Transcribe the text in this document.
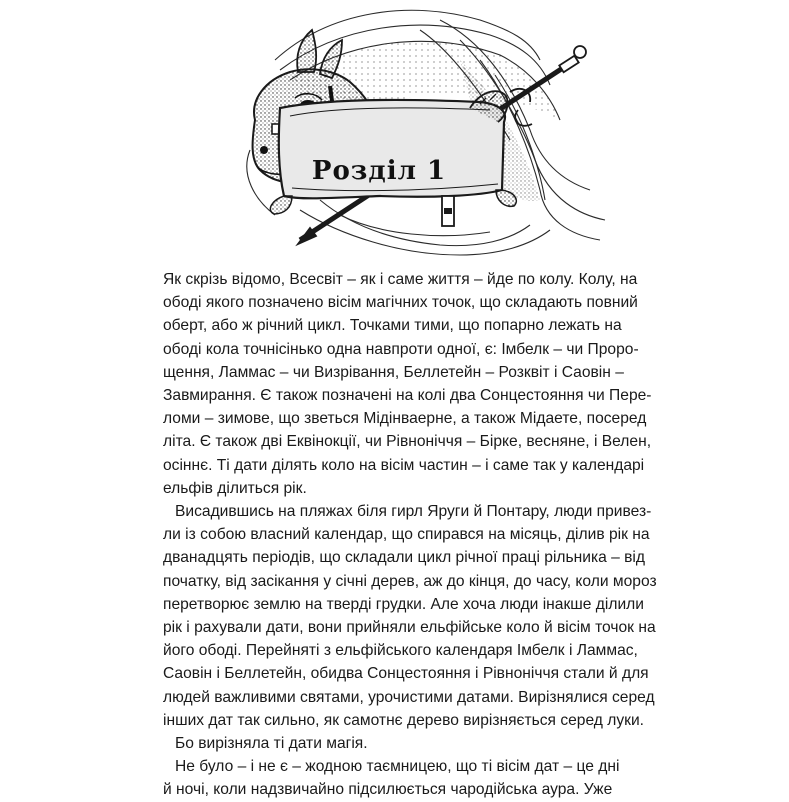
Розділ 1
Як скрізь відомо, Всесвіт – як і саме життя – йде по колу. Колу, на
ободі якого позначено вісім магічних точок, що складають повний
оберт, або ж річний цикл. Точками тими, що попарно лежать на
ободі кола точнісінько одна навпроти одної, є: Імбелк – чи Проро-
щення, Ламмас – чи Визрівання, Беллетейн – Розквіт і Саовін –
Завмирання. Є також позначені на колі два Сонцестояння чи Пере-
ломи – зимове, що зветься Мідінваерне, а також Мідаете, посеред
літа. Є також дві Еквінокції, чи Рівноніччя – Бірке, весняне, і Велен,
осіннє. Ті дати ділять коло на вісім частин – і саме так у календарі
ельфів ділиться рік.
Висадившись на пляжах біля гирл Яруги й Понтару, люди привез-
ли із собою власний календар, що спирався на місяць, ділив рік на
дванадцять періодів, що складали цикл річної праці рільника – від
початку, від засікання у січні дерев, аж до кінця, до часу, коли мороз
перетворює землю на тверді грудки. Але хоча люди інакше ділили
рік і рахували дати, вони прийняли ельфійське коло й вісім точок на
його ободі. Перейняті з ельфійського календаря Імбелк і Ламмас,
Саовін і Беллетейн, обидва Сонцестояння і Рівноніччя стали й для
людей важливими святами, урочистими датами. Вирізнялися серед
інших дат так сильно, як самотнє дерево вирізняється серед луки.
Бо вирізняла ті дати магія.
Не було – і не є – жодною таємницею, що ті вісім дат – це дні
й ночі, коли надзвичайно підсилюється чародійська аура. Уже
